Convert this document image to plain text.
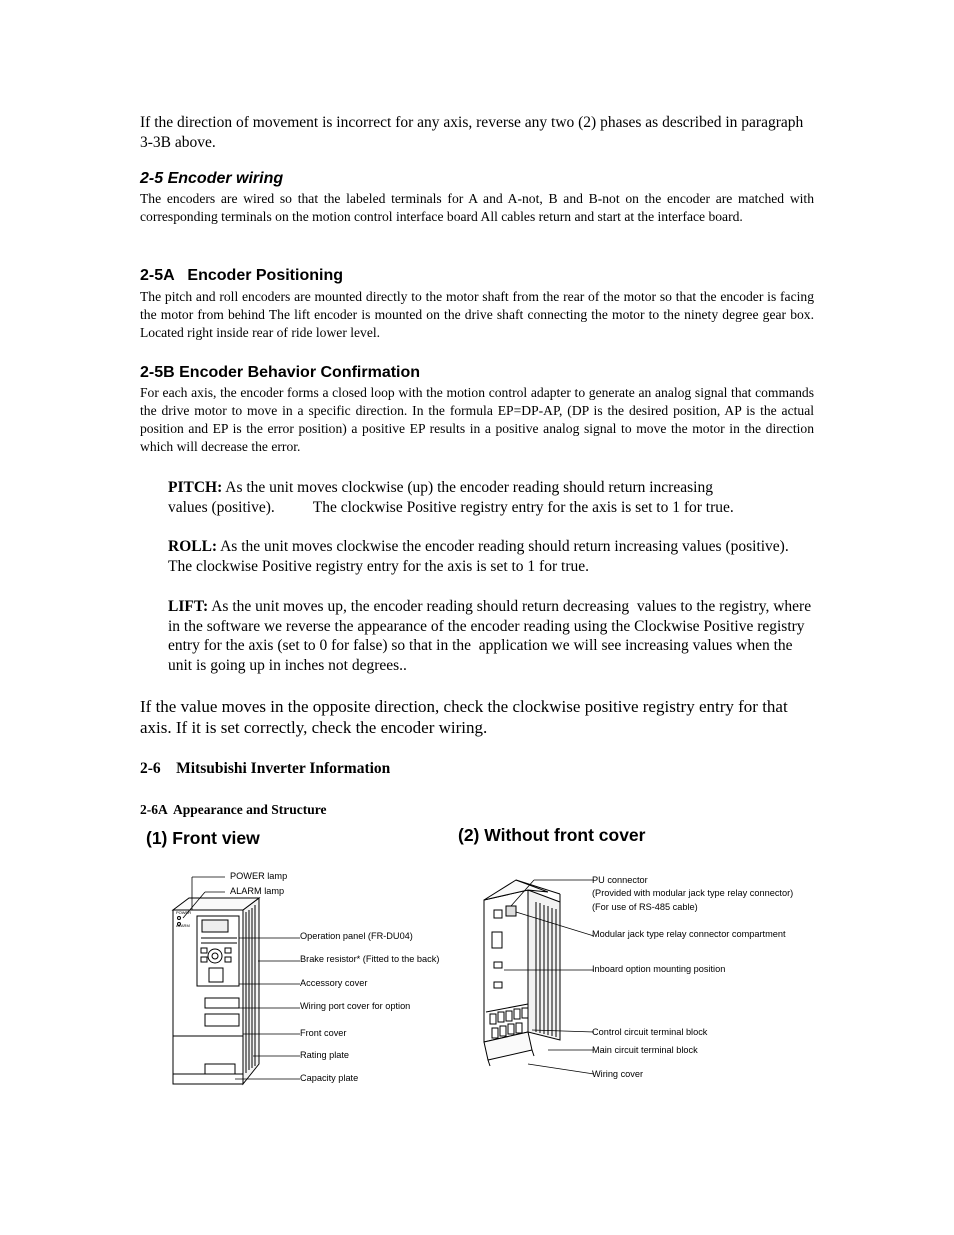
If the direction of movement is incorrect for any axis, reverse any two (2) phases as described in paragraph 3-3B above.
2-5 Encoder wiring
The encoders are wired so that the labeled terminals for A and A-not, B and B-not on the encoder are matched with corresponding terminals on the motion control interface board All cables return and start at the interface board.
2-5A   Encoder Positioning
The pitch and roll encoders are mounted directly to the motor shaft from the rear of the motor so that the encoder is facing the motor from behind The lift encoder is mounted on the drive shaft connecting the motor to the ninety degree gear box. Located right inside rear of ride lower level.
2-5B Encoder Behavior Confirmation
For each axis, the encoder forms a closed loop with the motion control adapter to generate an analog signal that commands the drive motor to move in a specific direction. In the formula EP=DP-AP, (DP is the desired position, AP is the actual position and EP is the error position) a positive EP results in a positive analog signal to move the motor in the direction which will decrease the error.
PITCH: As the unit moves clockwise (up) the encoder reading should return increasing
values (positive). The clockwise Positive registry entry for the axis is set to 1 for true.
ROLL: As the unit moves clockwise the encoder reading should return increasing values (positive). The clockwise Positive registry entry for the axis is set to 1 for true.
LIFT: As the unit moves up, the encoder reading should return decreasing  values to the registry, where  in the software we reverse the appearance of the encoder reading using the Clockwise Positive registry entry for the axis (set to 0 for false) so that in the  application we will see increasing values when the unit is going up in inches not degrees..
If the value moves in the opposite direction, check the clockwise positive registry entry for that axis. If it is set correctly, check the encoder wiring.
2-6    Mitsubishi Inverter Information
2-6A  Appearance and Structure
(1) Front view	(2) Without front cover
POWER
ALARM
POWER lamp
ALARM lamp
Operation panel (FR-DU04)
Brake resistor* (Fitted to the back)
Accessory cover
Wiring port cover for option
Front cover
Rating plate
Capacity plate
PU connector
(Provided with modular jack type relay connector)
(For use of RS-485 cable)
Modular jack type relay connector compartment
Inboard option mounting position
Control circuit terminal block
Main circuit terminal block
Wiring cover
